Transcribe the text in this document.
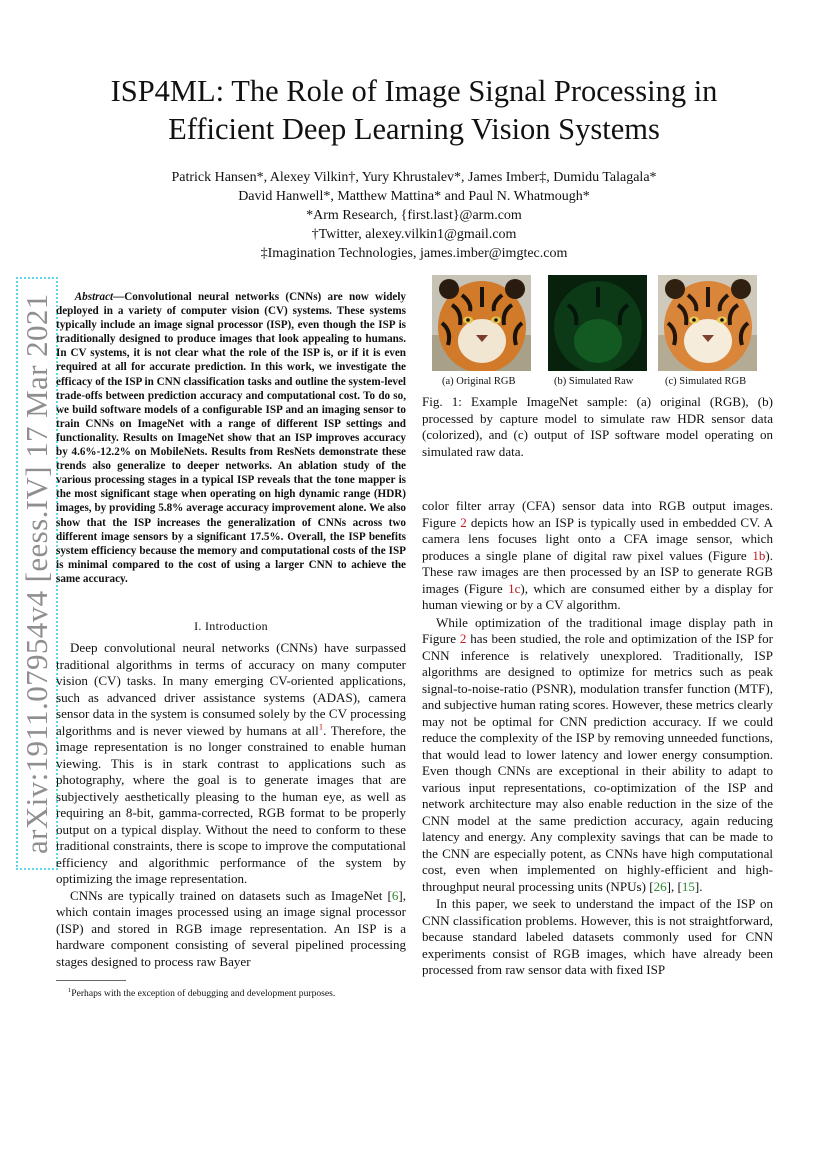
arXiv:1911.07954v4 [eess.IV] 17 Mar 2021
ISP4ML: The Role of Image Signal Processing in
Efficient Deep Learning Vision Systems
Patrick Hansen*, Alexey Vilkin†, Yury Khrustalev*, James Imber‡, Dumidu Talagala*
David Hanwell*, Matthew Mattina* and Paul N. Whatmough*
*Arm Research, {first.last}@arm.com
†Twitter, alexey.vilkin1@gmail.com
‡Imagination Technologies, james.imber@imgtec.com
Abstract—Convolutional neural networks (CNNs) are now widely deployed in a variety of computer vision (CV) systems. These systems typically include an image signal processor (ISP), even though the ISP is traditionally designed to produce images that look appealing to humans. In CV systems, it is not clear what the role of the ISP is, or if it is even required at all for accurate prediction. In this work, we investigate the efficacy of the ISP in CNN classification tasks and outline the system-level trade-offs between prediction accuracy and computational cost. To do so, we build software models of a configurable ISP and an imaging sensor to train CNNs on ImageNet with a range of different ISP settings and functionality. Results on ImageNet show that an ISP improves accuracy by 4.6%-12.2% on MobileNets. Results from ResNets demonstrate these trends also generalize to deeper networks. An ablation study of the various processing stages in a typical ISP reveals that the tone mapper is the most significant stage when operating on high dynamic range (HDR) images, by providing 5.8% average accuracy improvement alone. We also show that the ISP increases the generalization of CNNs across two different image sensors by a significant 17.5%. Overall, the ISP benefits system efficiency because the memory and computational costs of the ISP is minimal compared to the cost of using a larger CNN to achieve the same accuracy.
I. Introduction

Deep convolutional neural networks (CNNs) have surpassed traditional algorithms in terms of accuracy on many computer vision (CV) tasks. In many emerging CV-oriented applications, such as advanced driver assistance systems (ADAS), camera sensor data in the system is consumed solely by the CV processing algorithms and is never viewed by humans at all$^1$. Therefore, the image representation is no longer constrained to enable human viewing. This is in stark contrast to applications such as photography, where the goal is to generate images that are subjectively aesthetically pleasing to the human eye, as well as requiring an 8-bit, gamma-corrected, RGB format to be properly output on a typical display. Without the need to conform to these traditional constraints, there is scope to improve the computational efficiency and algorithmic performance of the system by optimizing the image representation.

CNNs are typically trained on datasets such as ImageNet [6], which contain images processed using an image signal processor (ISP) and stored in RGB image representation. An ISP is a hardware component consisting of several pipelined processing stages designed to process raw Bayer

$^1$Perhaps with the exception of debugging and development purposes.
(a) Original RGB	(b) Simulated Raw	(c) Simulated RGB
Fig. 1: Example ImageNet sample: (a) original (RGB), (b) processed by capture model to simulate raw HDR sensor data (colorized), and (c) output of ISP software model operating on simulated raw data.

color filter array (CFA) sensor data into RGB output images. Figure 2 depicts how an ISP is typically used in embedded CV. A camera lens focuses light onto a CFA image sensor, which produces a single plane of digital raw pixel values (Figure 1b). These raw images are then processed by an ISP to generate RGB images (Figure 1c), which are consumed either by a display for human viewing or by a CV algorithm.

While optimization of the traditional image display path in Figure 2 has been studied, the role and optimization of the ISP for CNN inference is relatively unexplored. Traditionally, ISP algorithms are designed to optimize for metrics such as peak signal-to-noise-ratio (PSNR), modulation transfer function (MTF), and subjective human rating scores. However, these metrics clearly may not be optimal for CNN prediction accuracy. If we could reduce the complexity of the ISP by removing unneeded functions, that would lead to lower latency and lower energy consumption. Even though CNNs are exceptional in their ability to adapt to various input representations, co-optimization of the ISP and network architecture may also enable reduction in the size of the CNN model at the same prediction accuracy, again reducing latency and energy. Any complexity savings that can be made to the CNN are especially potent, as CNNs have high computational cost, even when implemented on highly-efficient and high-throughput neural processing units (NPUs) [26], [15].

In this paper, we seek to understand the impact of the ISP on CNN classification problems. However, this is not straightforward, because standard labeled datasets commonly used for CNN experiments consist of RGB images, which have already been processed from raw sensor data with fixed ISP
